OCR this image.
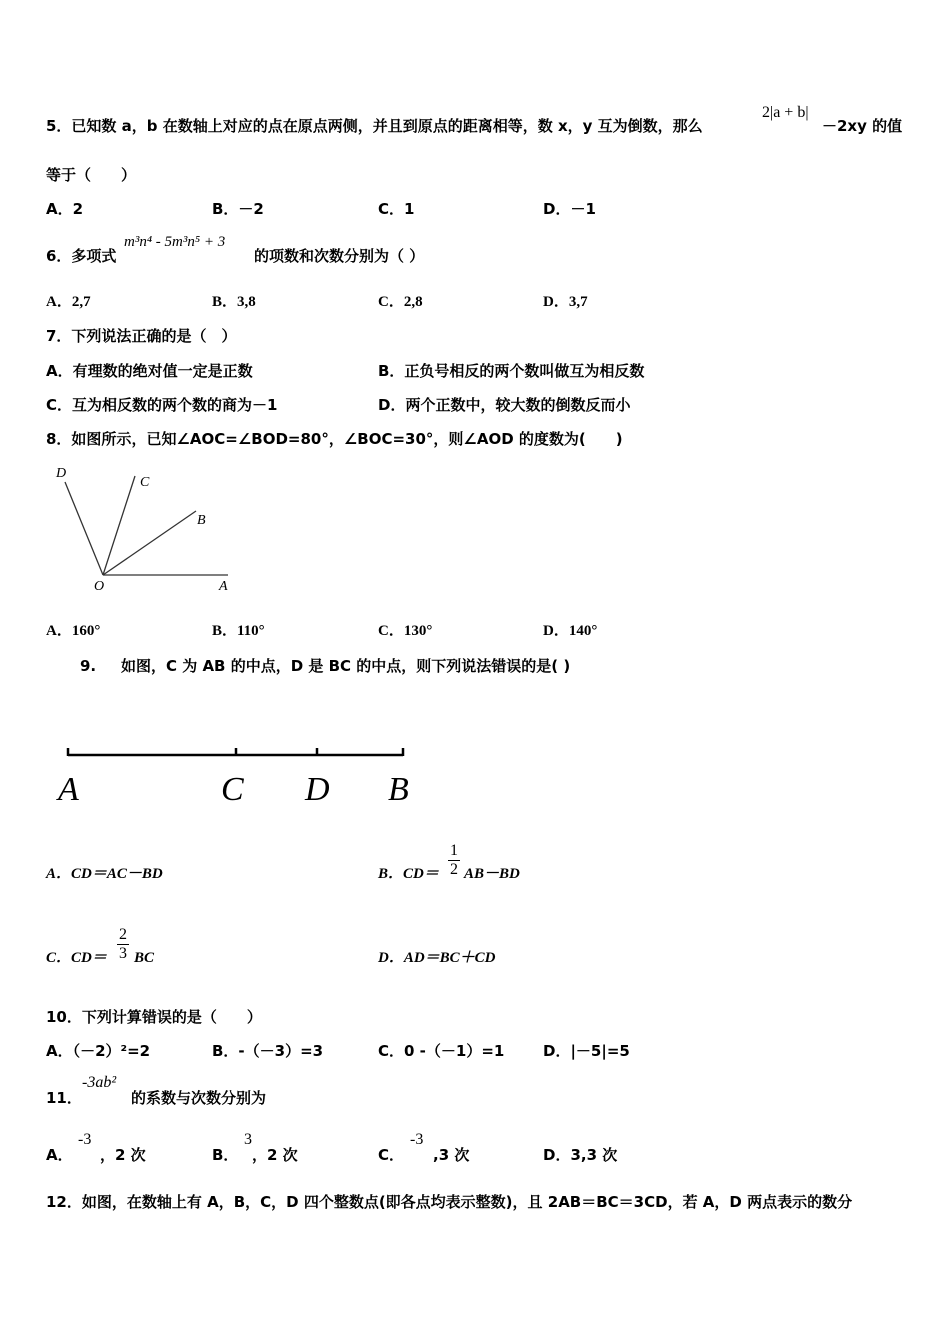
5．已知数 a，b 在数轴上对应的点在原点两侧，并且到原点的距离相等，数 x，y 互为倒数，那么
2|a + b|
－2xy 的值
等于（　　）
A．2	B．－2	C．1	D．－1
6．多项式
m³n⁴ - 5m³n⁵ + 3
的项数和次数分别为（ ）
A．2,7	B．3,8	C．2,8	D．3,7
7．下列说法正确的是（　）
A．有理数的绝对值一定是正数	B．正负号相反的两个数叫做互为相反数
C．互为相反数的两个数的商为－1	D．两个正数中，较大数的倒数反而小
8．如图所示，已知∠AOC=∠BOD=80°，∠BOC=30°，则∠AOD 的度数为(　　)
D
C
B
O	A
A．160°	B．110°	C．130°	D．140°
9. 如图，C 为 AB 的中点，D 是 BC 的中点，则下列说法错误的是( )
A	C D B
A．CD＝AC－BD	B．CD＝
1
2 AB－BD
C．CD＝
2
3 BC	D．AD＝BC＋CD
10．下列计算错误的是（　　）
A．（－2）²=2	B．-（－3）=3	C．0 -（－1）=1	D．|－5|=5
11．
-3ab²
的系数与次数分别为
A．
-3
，2 次	B．
3
，2 次	C．
-3
,3 次	D．3,3 次
12．如图，在数轴上有 A，B，C，D 四个整数点(即各点均表示整数)，且 2AB＝BC＝3CD，若 A，D 两点表示的数分
